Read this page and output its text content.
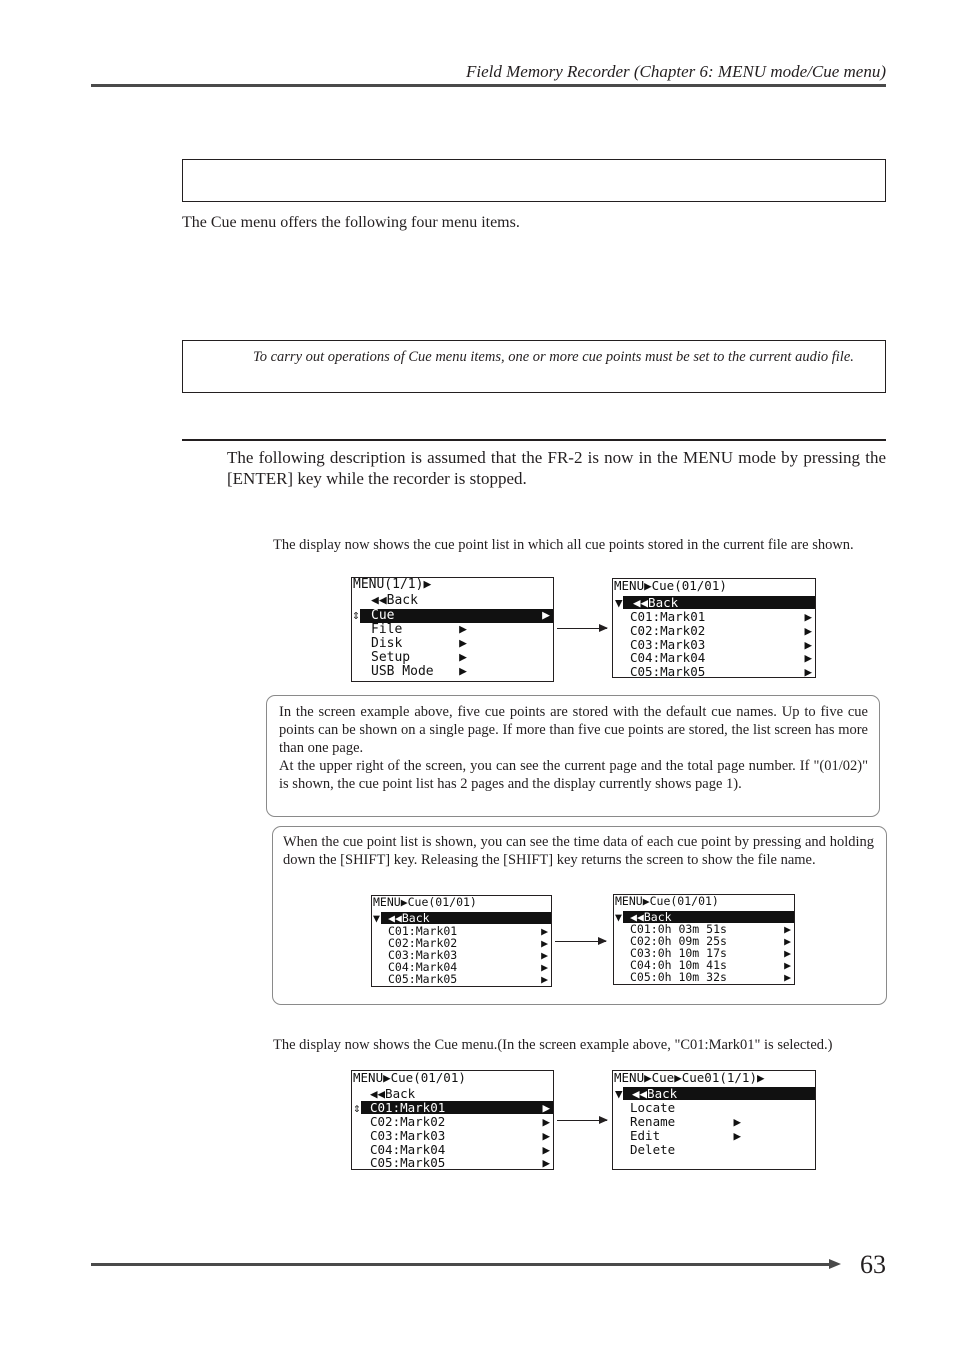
Field Memory Recorder (Chapter 6: MENU mode/Cue menu)
The Cue menu offers the following four menu items.
To carry out operations of Cue menu items, one or more cue points must be set to the current audio file.
The following description is assumed that the FR-2 is now in the MENU mode by pressing the [ENTER] key while the recorder is stopped.
The display now shows the cue point list in which all cue points stored in the current file are shown.
MENU(1/1)▶
◀◀Back
⇕ Cue	▶
File	▶
Disk	▶
Setup	▶
USB Mode ▶
MENU▶Cue(01/01)
◀◀Back
▼
C01:Mark01	▶
C02:Mark02	▶
C03:Mark03	▶
C04:Mark04	▶
C05:Mark05	▶
In the screen example above, five cue points are stored with the default cue names. Up to five cue points can be shown on a single page. If more than five cue points are stored, the list screen has more than one page.
At the upper right of the screen, you can see the current page and the total page number. If "(01/02)" is shown, the cue point list has 2 pages and the display currently shows page 1).
When the cue point list is shown, you can see the time data of each cue point by pressing and holding down the [SHIFT] key. Releasing the [SHIFT] key returns the screen to show the file name.
MENU▶Cue(01/01)
◀◀Back
▼
C01:Mark01	▶
C02:Mark02	▶
C03:Mark03	▶
C04:Mark04	▶
C05:Mark05	▶
MENU▶Cue(01/01)
◀◀Back
▼
C01:0h 03m 51s	▶
C02:0h 09m 25s	▶
C03:0h 10m 17s	▶
C04:0h 10m 41s	▶
C05:0h 10m 32s	▶
The display now shows the Cue menu.(In the screen example above, "C01:Mark01" is selected.)
MENU▶Cue(01/01)
◀◀Back
C01:Mark01	▶
⇕
C02:Mark02	▶
C03:Mark03	▶
C04:Mark04	▶
C05:Mark05	▶
MENU▶Cue▶Cue01(1/1)▶
◀◀Back
▼
Locate
Rename	▶
Edit	▶
Delete
63
